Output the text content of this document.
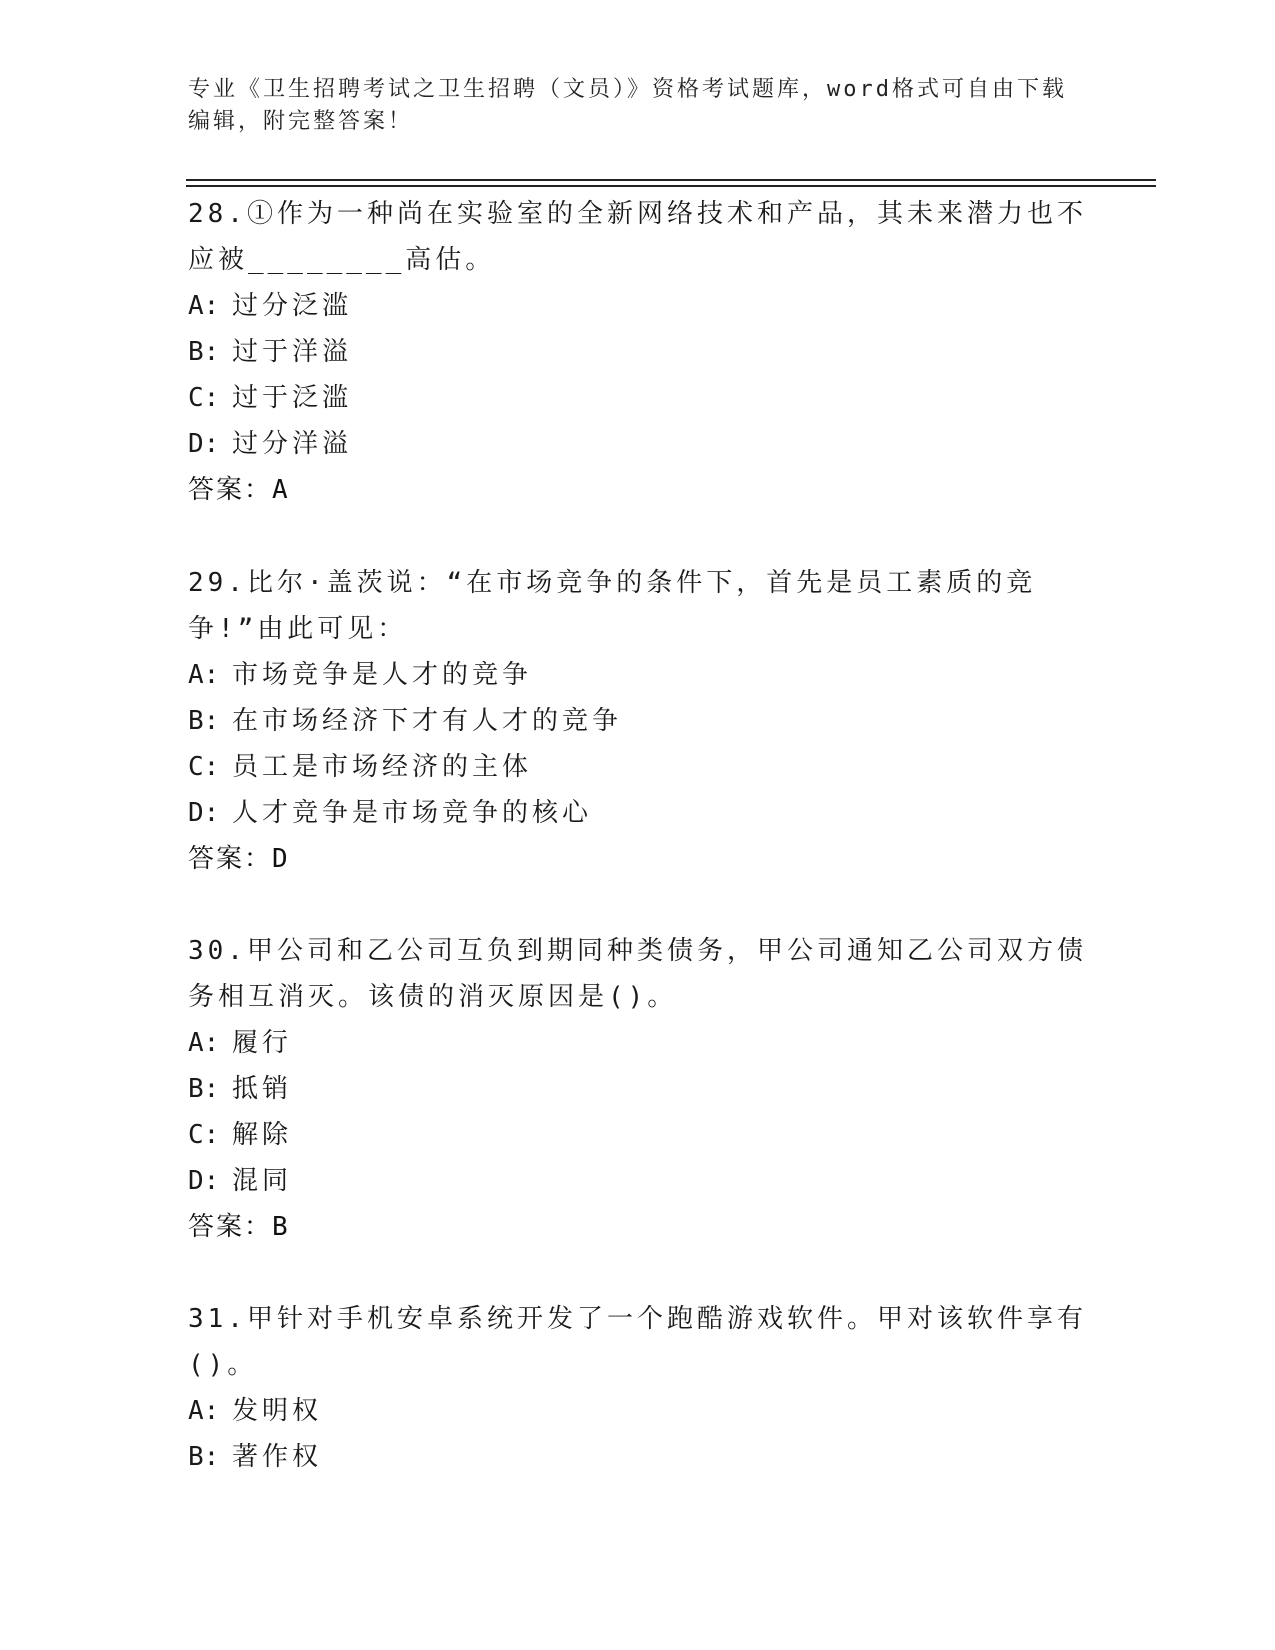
专业《卫生招聘考试之卫生招聘（文员）》资格考试题库，word格式可自由下载编辑，附完整答案！
28.①作为一种尚在实验室的全新网络技术和产品，其未来潜力也不应被________高估。
A: 过分泛滥
B: 过于洋溢
C: 过于泛滥
D: 过分洋溢
答案：A
29.比尔·盖茨说：“在市场竞争的条件下，首先是员工素质的竞争!”由此可见：
A: 市场竞争是人才的竞争
B: 在市场经济下才有人才的竞争
C: 员工是市场经济的主体
D: 人才竞争是市场竞争的核心
答案：D
30.甲公司和乙公司互负到期同种类债务，甲公司通知乙公司双方债务相互消灭。该债的消灭原因是()。
A: 履行
B: 抵销
C: 解除
D: 混同
答案：B
31.甲针对手机安卓系统开发了一个跑酷游戏软件。甲对该软件享有()。
A: 发明权
B: 著作权
